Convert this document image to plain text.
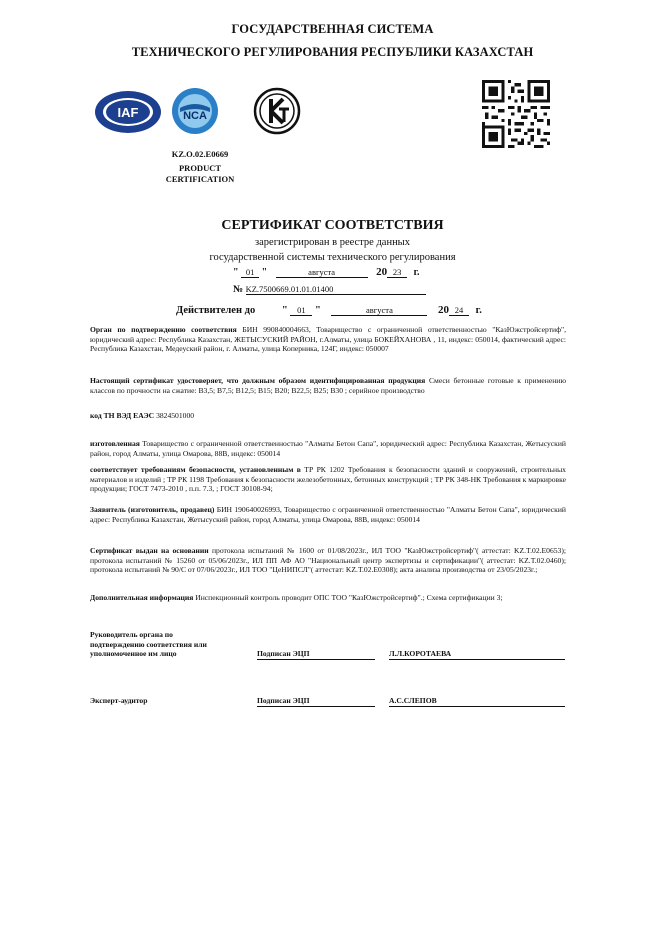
ГОСУДАРСТВЕННАЯ СИСТЕМА
ТЕХНИЧЕСКОГО РЕГУЛИРОВАНИЯ РЕСПУБЛИКИ КАЗАХСТАН
IAF	NCA
KZ.O.02.E0669
PRODUCT
CERTIFICATION
СЕРТИФИКАТ СООТВЕТСТВИЯ
зарегистрирован в реестре данных
государственной системы технического регулирования
" 01 "	августа	20 23 г.
№ KZ.7500669.01.01.01400
Действителен до	" 01 "	августа	20 24 г.
Орган по подтверждению соответствия БИН 990840004663, Товарищество с ограниченной ответственностью "КазЮжстройсертиф", юридический адрес: Республика Казахстан, ЖЕТЫСУСКИЙ РАЙОН, г.Алматы, улица БОКЕЙХАНОВА , 11, индекс: 050014, фактический адрес: Республика Казахстан, Медеуский район, г. Алматы, улица Коперника, 124Г, индекс: 050007
Настоящий сертификат удостоверяет, что должным образом идентифицированная продукция Смеси бетонные готовые к применению классов по прочности на сжатие: В3,5; В7,5; В12,5; В15; В20; В22,5; В25; В30 ; серийное производство
код ТН ВЭД ЕАЭС 3824501000
изготовленная Товарищество с ограниченной ответственностью "Алматы Бетон Сапа", юридический адрес: Республика Казахстан, Жетысуский район, город Алматы, улица Омарова, 88В, индекс: 050014
соответствует требованиям безопасности, установленным в ТР РК 1202 Требования к безопасности зданий и сооружений, строительных материалов и изделий ; ТР РК 1198 Требования к безопасности железобетонных, бетонных конструкций ; ТР РК 348-НК Требования к маркировке продукции; ГОСТ 7473-2010 , п.п. 7.3, ; ГОСТ 30108-94;
Заявитель (изготовитель, продавец) БИН 190640026993, Товарищество с ограниченной ответственностью "Алматы Бетон Сапа", юридический адрес: Республика Казахстан, Жетысуский район, город Алматы, улица Омарова, 88В, индекс: 050014
Сертификат выдан на основании протокола испытаний № 1600 от 01/08/2023г., ИЛ ТОО "КазЮжстройсертиф"( аттестат: KZ.T.02.E0653); протокола испытаний № 15260 от 05/06/2023г., ИЛ ПП АФ АО "Национальный центр экспертизы и сертификации"( аттестат: KZ.T.02.0460); протокола испытаний № 90/С от 07/06/2023г., ИЛ ТОО "ЦеНИПСЛ"( аттестат: KZ.T.02.E0308); акта анализа производства от 23/05/2023г.;
Дополнительная информация Инспекционный контроль проводит ОПС ТОО "КазЮжстройсертиф".; Схема сертификации 3;
Руководитель органа по
подтверждению соответствия или
уполномоченное им лицо	Подписан ЭЦП	Л.Л.КОРОТАЕВА
Эксперт-аудитор	Подписан ЭЦП	А.С.СЛЕПОВ
